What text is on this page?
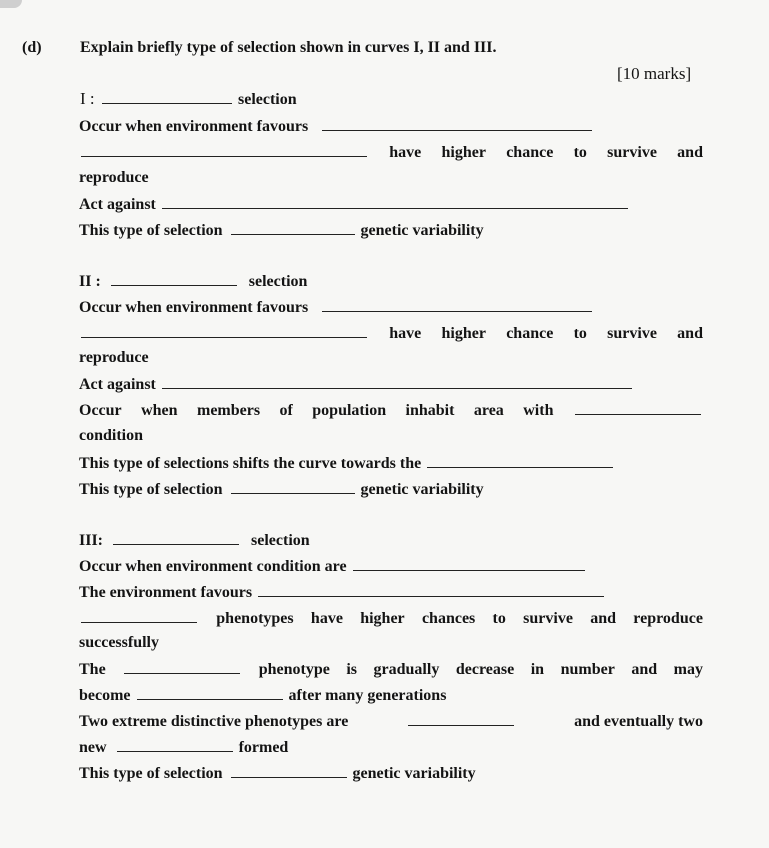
(d) Explain briefly type of selection shown in curves I, II and III.
[10 marks]
I :	selection
Occur when environment favours
have higher chance to survive and
reproduce
Act against
This type of selection	genetic variability
II :	selection
Occur when environment favours
have higher chance to survive and
reproduce
Act against
Occur when members of population inhabit area with
condition
This type of selections shifts the curve towards the
This type of selection	genetic variability
III:	selection
Occur when environment condition are
The environment favours
phenotypes have higher chances to survive and reproduce
successfully
The	phenotype is gradually decrease in number and may
become	after many generations
Two extreme distinctive phenotypes are	and eventually two
new	formed
This type of selection	genetic variability
